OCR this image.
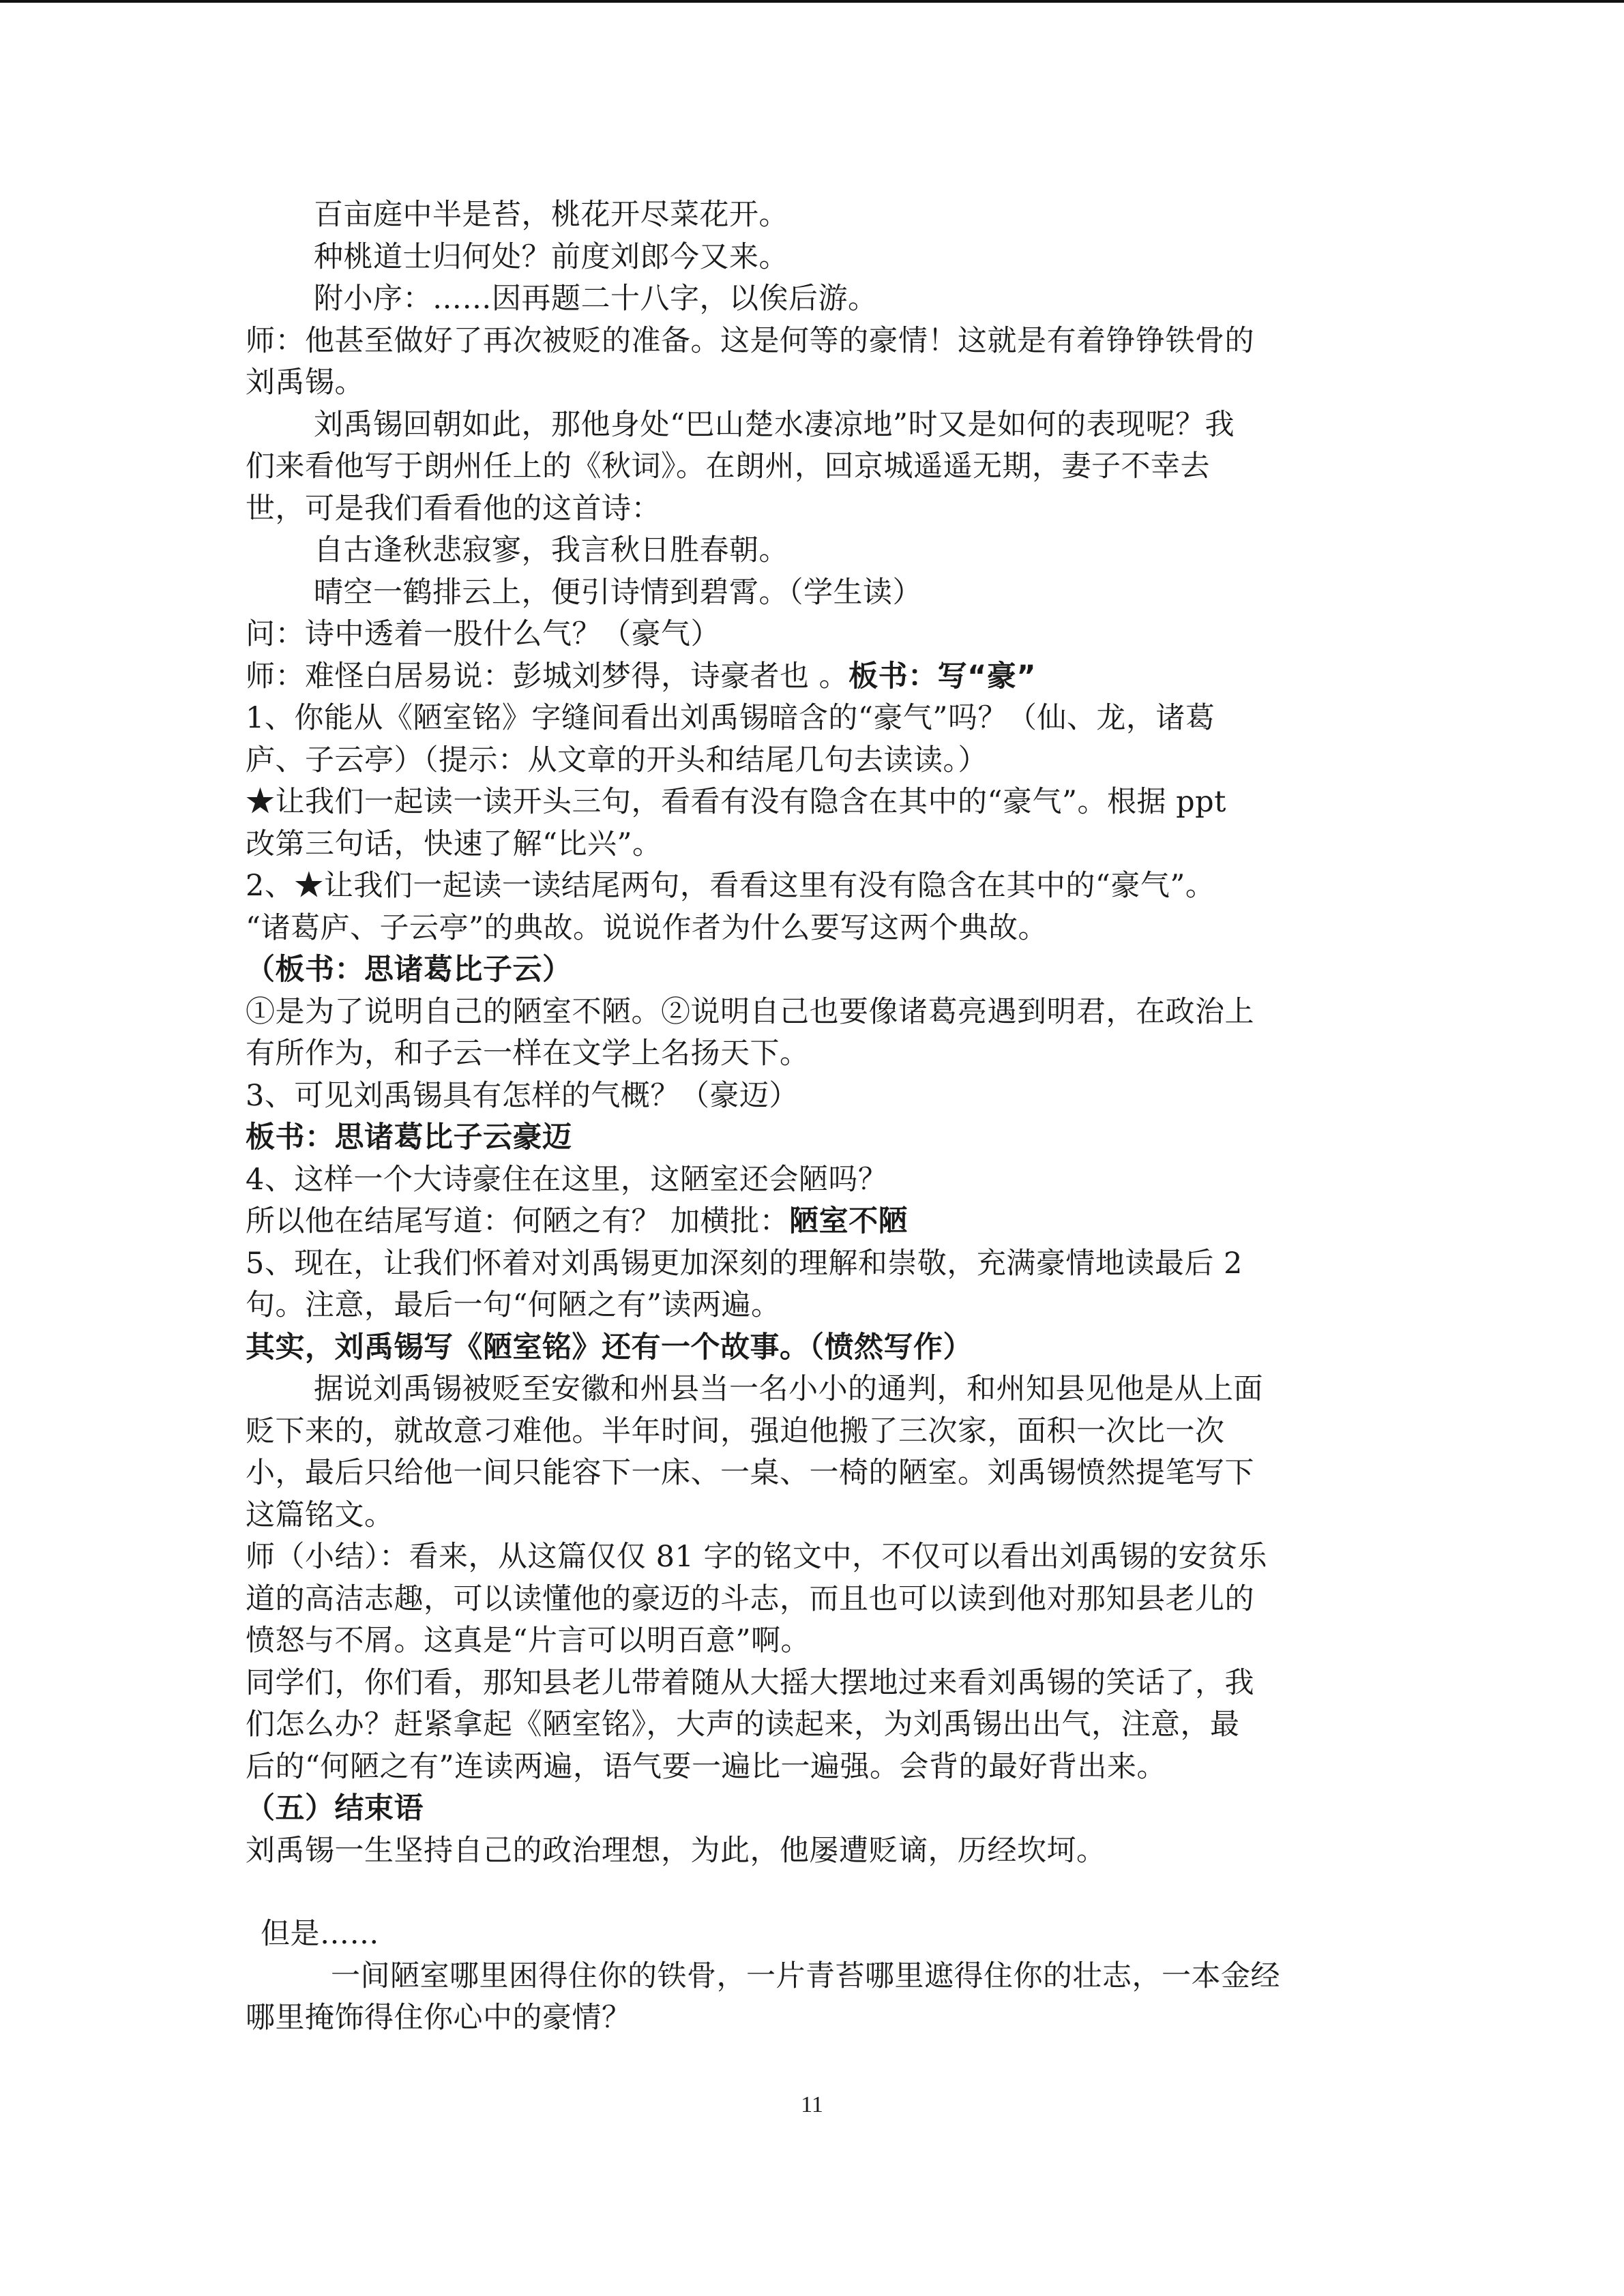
百亩庭中半是苔，桃花开尽菜花开。
种桃道士归何处？前度刘郎今又来。
附小序：……因再题二十八字，以俟后游。
师：他甚至做好了再次被贬的准备。这是何等的豪情！这就是有着铮铮铁骨的
刘禹锡。
刘禹锡回朝如此，那他身处“巴山楚水凄凉地”时又是如何的表现呢？我
们来看他写于朗州任上的《秋词》。在朗州，回京城遥遥无期，妻子不幸去
世，可是我们看看他的这首诗：
自古逢秋悲寂寥，我言秋日胜春朝。
晴空一鹤排云上，便引诗情到碧霄。（学生读）
问：诗中透着一股什么气？（豪气）
师：难怪白居易说：彭城刘梦得，诗豪者也 。板书：写“豪”
1、你能从《陋室铭》字缝间看出刘禹锡暗含的“豪气”吗？（仙、龙，诸葛
庐、子云亭）（提示：从文章的开头和结尾几句去读读。）
★让我们一起读一读开头三句，看看有没有隐含在其中的“豪气”。根据 ppt
改第三句话，快速了解“比兴”。
2、★让我们一起读一读结尾两句，看看这里有没有隐含在其中的“豪气”。
“诸葛庐、子云亭”的典故。说说作者为什么要写这两个典故。
（板书：思诸葛比子云）
①是为了说明自己的陋室不陋。②说明自己也要像诸葛亮遇到明君，在政治上
有所作为，和子云一样在文学上名扬天下。
3、可见刘禹锡具有怎样的气概？（豪迈）
板书：思诸葛比子云豪迈
4、这样一个大诗豪住在这里，这陋室还会陋吗？
所以他在结尾写道：何陋之有？ 加横批：陋室不陋
5、现在，让我们怀着对刘禹锡更加深刻的理解和崇敬，充满豪情地读最后 2
句。注意，最后一句“何陋之有”读两遍。
其实，刘禹锡写《陋室铭》还有一个故事。（愤然写作）
据说刘禹锡被贬至安徽和州县当一名小小的通判，和州知县见他是从上面
贬下来的，就故意刁难他。半年时间，强迫他搬了三次家，面积一次比一次
小，最后只给他一间只能容下一床、一桌、一椅的陋室。刘禹锡愤然提笔写下
这篇铭文。
师（小结）：看来，从这篇仅仅 81 字的铭文中，不仅可以看出刘禹锡的安贫乐
道的高洁志趣，可以读懂他的豪迈的斗志，而且也可以读到他对那知县老儿的
愤怒与不屑。这真是“片言可以明百意”啊。
同学们，你们看，那知县老儿带着随从大摇大摆地过来看刘禹锡的笑话了，我
们怎么办？赶紧拿起《陋室铭》，大声的读起来，为刘禹锡出出气，注意，最
后的“何陋之有”连读两遍，语气要一遍比一遍强。会背的最好背出来。
（五）结束语
刘禹锡一生坚持自己的政治理想，为此，他屡遭贬谪，历经坎坷。
但是……
一间陋室哪里困得住你的铁骨，一片青苔哪里遮得住你的壮志，一本金经
哪里掩饰得住你心中的豪情？
11
